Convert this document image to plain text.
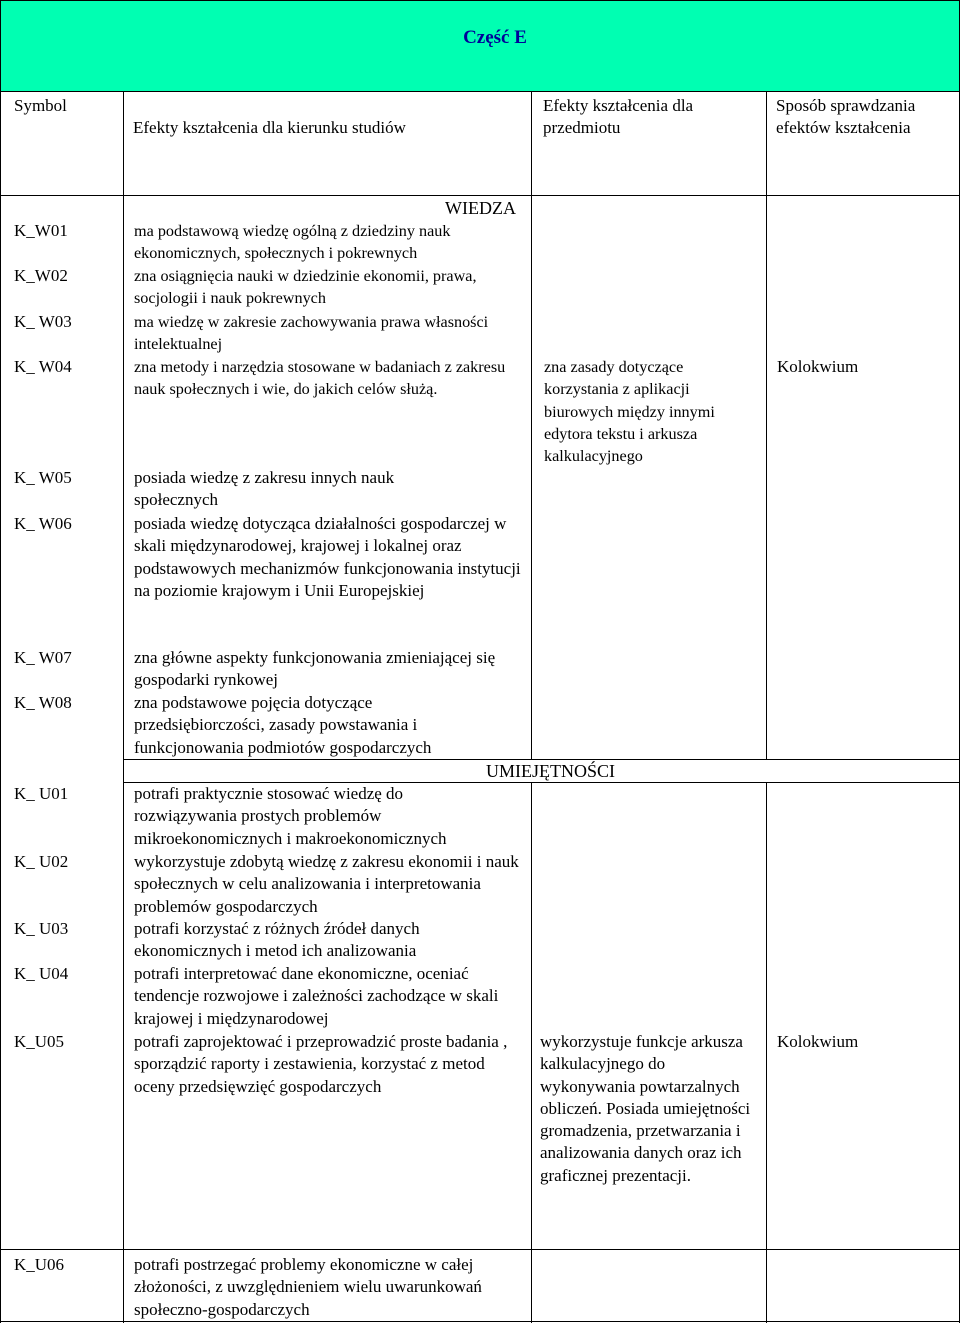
Część E
Symbol
Efekty kształcenia dla kierunku studiów
Efekty kształcenia dla przedmiotu
Sposób sprawdzania efektów kształcenia
WIEDZA
UMIEJĘTNOŚCI
K_W01
K_W02
K_ W03
K_ W04
K_ W05
K_ W06
K_ W07
K_ W08
K_ U01
K_ U02
K_ U03
K_ U04
K_U05
K_U06
ma podstawową wiedzę ogólną z dziedziny nauk ekonomicznych, społecznych i pokrewnych
zna osiągnięcia nauki w dziedzinie ekonomii, prawa, socjologii i nauk pokrewnych
ma wiedzę w zakresie zachowywania prawa własności intelektualnej
zna metody i narzędzia stosowane w badaniach z zakresu nauk społecznych i wie, do jakich celów służą.
posiada wiedzę z zakresu innych nauk społecznych
posiada wiedzę dotycząca działalności gospodarczej w skali międzynarodowej, krajowej i lokalnej oraz podstawowych mechanizmów funkcjonowania instytucji na poziomie krajowym i Unii Europejskiej
zna główne aspekty funkcjonowania zmieniającej się gospodarki rynkowej
zna podstawowe pojęcia dotyczące przedsiębiorczości, zasady powstawania i funkcjonowania podmiotów gospodarczych
potrafi praktycznie stosować wiedzę do rozwiązywania prostych problemów mikroekonomicznych i makroekonomicznych
wykorzystuje zdobytą wiedzę z zakresu ekonomii i nauk społecznych w celu analizowania i interpretowania problemów gospodarczych
potrafi korzystać z różnych źródeł danych ekonomicznych i metod ich analizowania
potrafi interpretować dane ekonomiczne, oceniać tendencje rozwojowe i zależności zachodzące w skali krajowej i międzynarodowej
potrafi zaprojektować i przeprowadzić proste badania , sporządzić raporty i zestawienia, korzystać z metod oceny przedsięwzięć gospodarczych
potrafi postrzegać problemy ekonomiczne w całej złożoności, z uwzględnieniem wielu uwarunkowań społeczno-gospodarczych
zna zasady dotyczące korzystania z aplikacji biurowych między innymi edytora tekstu i arkusza kalkulacyjnego
wykorzystuje funkcje arkusza kalkulacyjnego do wykonywania powtarzalnych obliczeń. Posiada umiejętności gromadzenia, przetwarzania i analizowania danych oraz ich graficznej prezentacji.
Kolokwium
Kolokwium
